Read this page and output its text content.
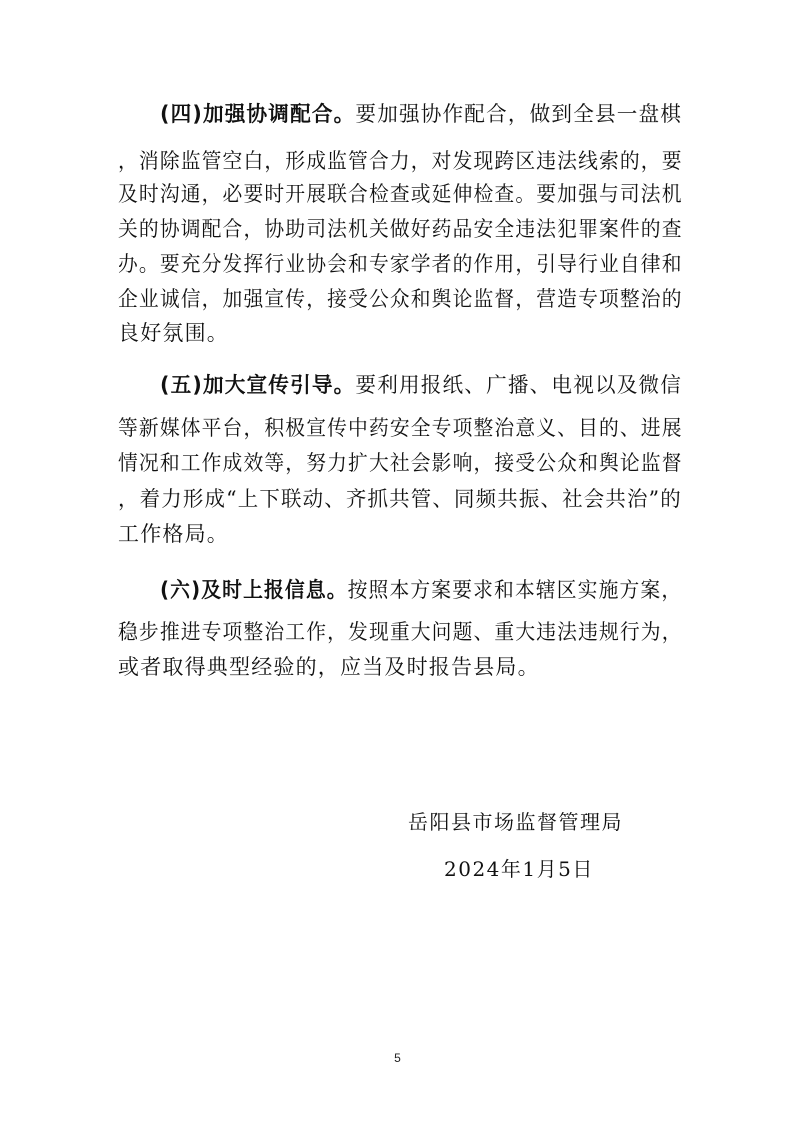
(四)加强协调配合。要加强协作配合，做到全县一盘棋
，消除监管空白，形成监管合力，对发现跨区违法线索的，要
及时沟通，必要时开展联合检查或延伸检查。要加强与司法机
关的协调配合，协助司法机关做好药品安全违法犯罪案件的查
办。要充分发挥行业协会和专家学者的作用，引导行业自律和
企业诚信，加强宣传，接受公众和舆论监督，营造专项整治的
良好氛围。
(五)加大宣传引导。要利用报纸、广播、电视以及微信
等新媒体平台，积极宣传中药安全专项整治意义、目的、进展
情况和工作成效等，努力扩大社会影响，接受公众和舆论监督
，着力形成“上下联动、齐抓共管、同频共振、社会共治”的
工作格局。
(六)及时上报信息。按照本方案要求和本辖区实施方案，
稳步推进专项整治工作，发现重大问题、重大违法违规行为，
或者取得典型经验的，应当及时报告县局。
岳阳县市场监督管理局
2024年1月5日
5
